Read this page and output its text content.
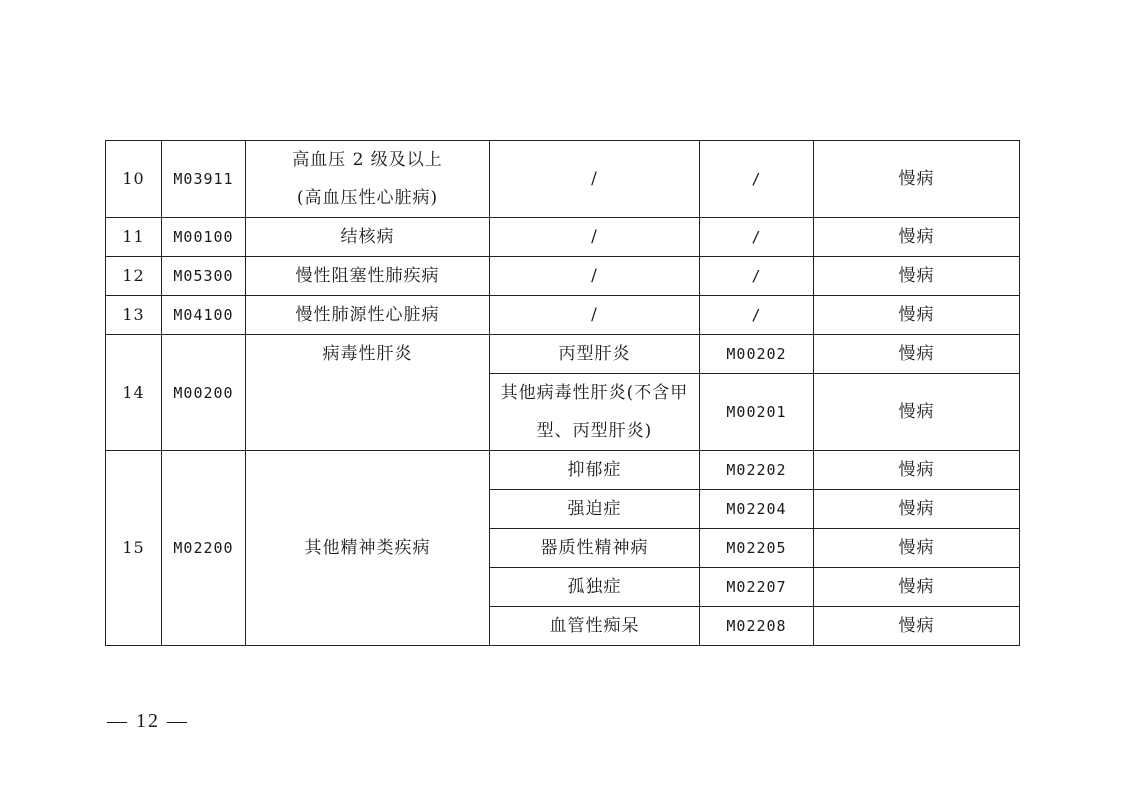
10	M03911	高血压 2 级及以上
(高血压性心脏病)	/	/	慢病
11	M00100	结核病	/	/	慢病
12	M05300	慢性阻塞性肺疾病	/	/	慢病
13	M04100	慢性肺源性心脏病	/	/	慢病
14	M00200	病毒性肝炎	丙型肝炎	M00202	慢病

			其他病毒性肝炎(不含甲
型、丙型肝炎)	M00201	慢病
15	M02200	其他精神类疾病	抑郁症	M02202	慢病
			强迫症	M02204	慢病
			器质性精神病	M02205	慢病
			孤独症	M02207	慢病
			血管性痴呆	M02208	慢病
— 12 —
